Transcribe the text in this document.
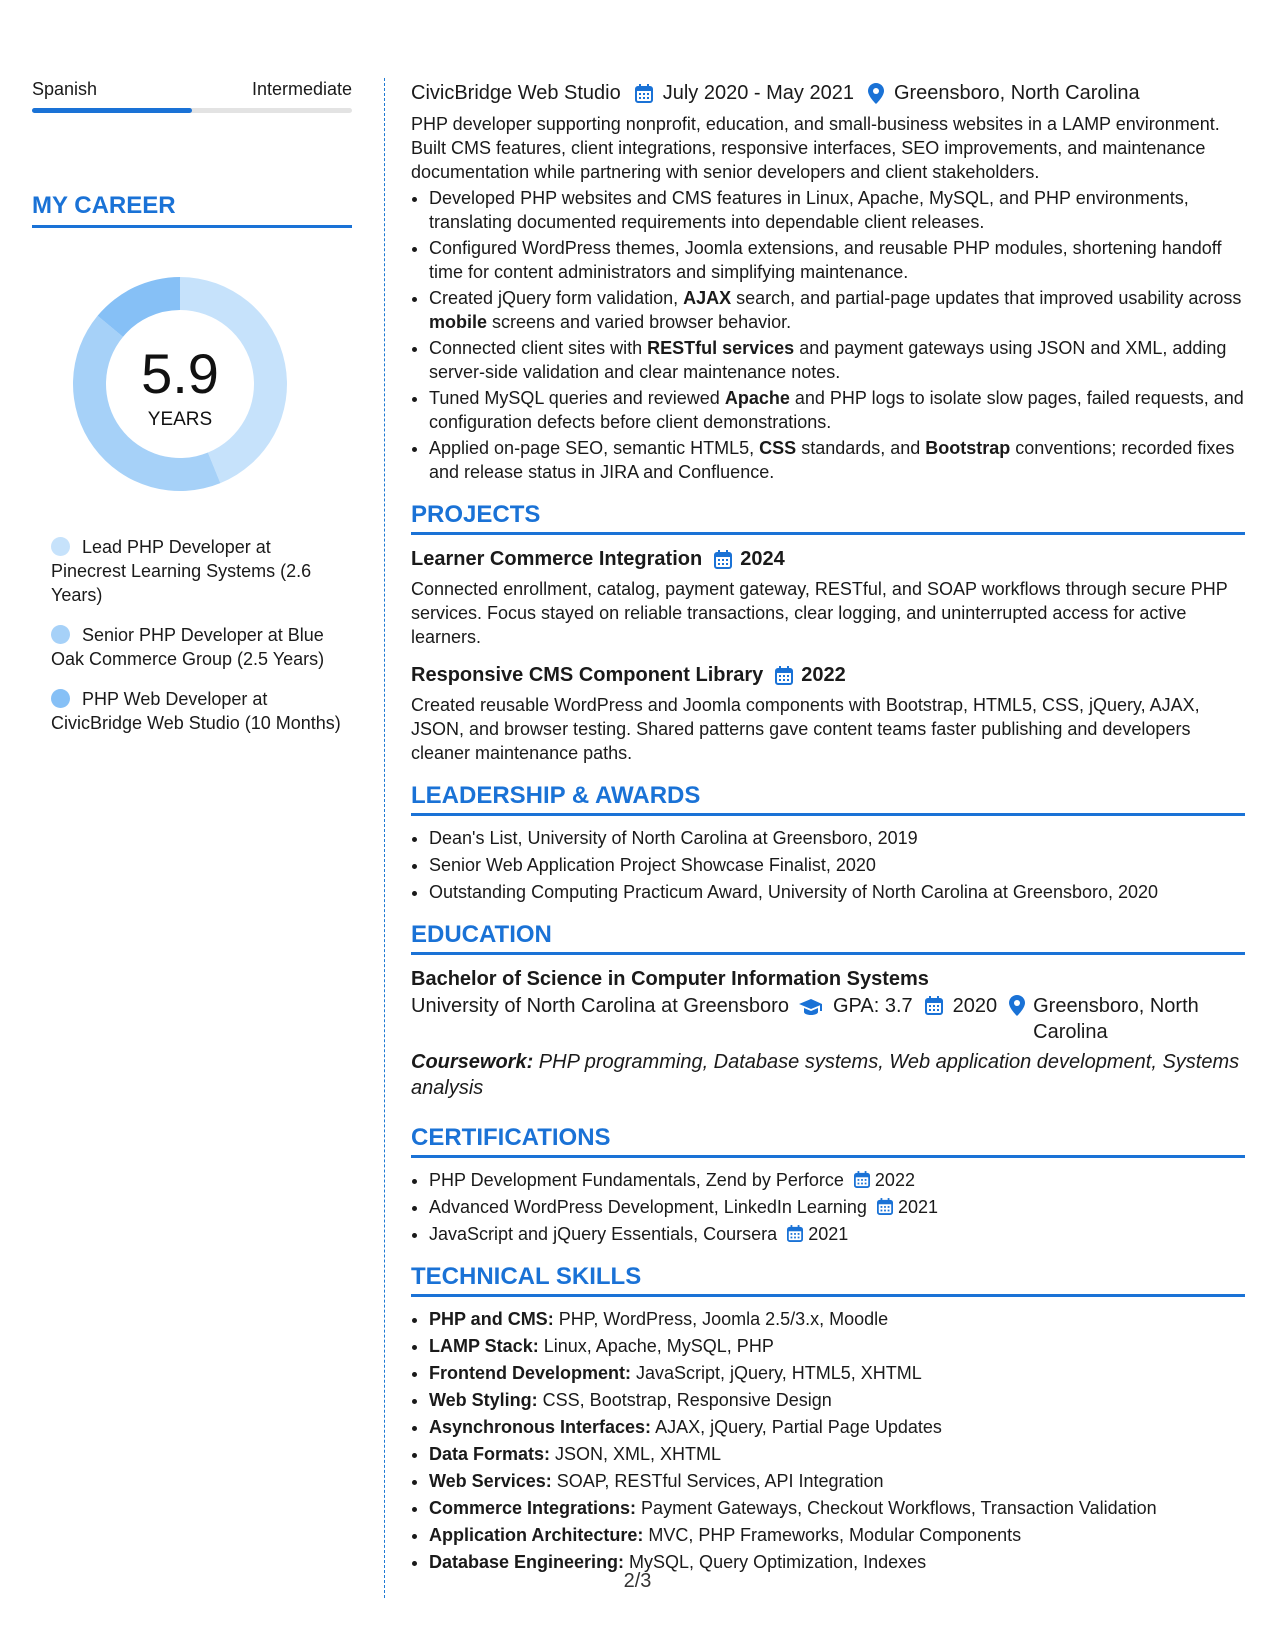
Spanish	Intermediate
MY CAREER
5.9
YEARS
Lead PHP Developer at Pinecrest Learning Systems (2.6 Years)
Senior PHP Developer at Blue Oak Commerce Group (2.5 Years)
PHP Web Developer at CivicBridge Web Studio (10 Months)
CivicBridge Web Studio July 2020 - May 2021 Greensboro, North Carolina
PHP developer supporting nonprofit, education, and small-business websites in a LAMP environment. Built CMS features, client integrations, responsive interfaces, SEO improvements, and maintenance documentation while partnering with senior developers and client stakeholders.
• Developed PHP websites and CMS features in Linux, Apache, MySQL, and PHP environments, translating documented requirements into dependable client releases.
• Configured WordPress themes, Joomla extensions, and reusable PHP modules, shortening handoff time for content administrators and simplifying maintenance.
• Created jQuery form validation, AJAX search, and partial-page updates that improved usability across mobile screens and varied browser behavior.
• Connected client sites with RESTful services and payment gateways using JSON and XML, adding server-side validation and clear maintenance notes.
• Tuned MySQL queries and reviewed Apache and PHP logs to isolate slow pages, failed requests, and configuration defects before client demonstrations.
• Applied on-page SEO, semantic HTML5, CSS standards, and Bootstrap conventions; recorded fixes and release status in JIRA and Confluence.
PROJECTS
Learner Commerce Integration 2024
Connected enrollment, catalog, payment gateway, RESTful, and SOAP workflows through secure PHP services. Focus stayed on reliable transactions, clear logging, and uninterrupted access for active learners.
Responsive CMS Component Library 2022
Created reusable WordPress and Joomla components with Bootstrap, HTML5, CSS, jQuery, AJAX, JSON, and browser testing. Shared patterns gave content teams faster publishing and developers cleaner maintenance paths.
LEADERSHIP & AWARDS
• Dean's List, University of North Carolina at Greensboro, 2019
• Senior Web Application Project Showcase Finalist, 2020
• Outstanding Computing Practicum Award, University of North Carolina at Greensboro, 2020
EDUCATION
Bachelor of Science in Computer Information Systems
University of North Carolina at Greensboro GPA: 3.7 2020 Greensboro, North Carolina
Coursework: PHP programming, Database systems, Web application development, Systems analysis
CERTIFICATIONS
• PHP Development Fundamentals, Zend by Perforce 2022
• Advanced WordPress Development, LinkedIn Learning 2021
• JavaScript and jQuery Essentials, Coursera 2021
TECHNICAL SKILLS
• PHP and CMS: PHP, WordPress, Joomla 2.5/3.x, Moodle
• LAMP Stack: Linux, Apache, MySQL, PHP
• Frontend Development: JavaScript, jQuery, HTML5, XHTML
• Web Styling: CSS, Bootstrap, Responsive Design
• Asynchronous Interfaces: AJAX, jQuery, Partial Page Updates
• Data Formats: JSON, XML, XHTML
• Web Services: SOAP, RESTful Services, API Integration
• Commerce Integrations: Payment Gateways, Checkout Workflows, Transaction Validation
• Application Architecture: MVC, PHP Frameworks, Modular Components
• Database Engineering: MySQL, Query Optimization, Indexes
2/3
